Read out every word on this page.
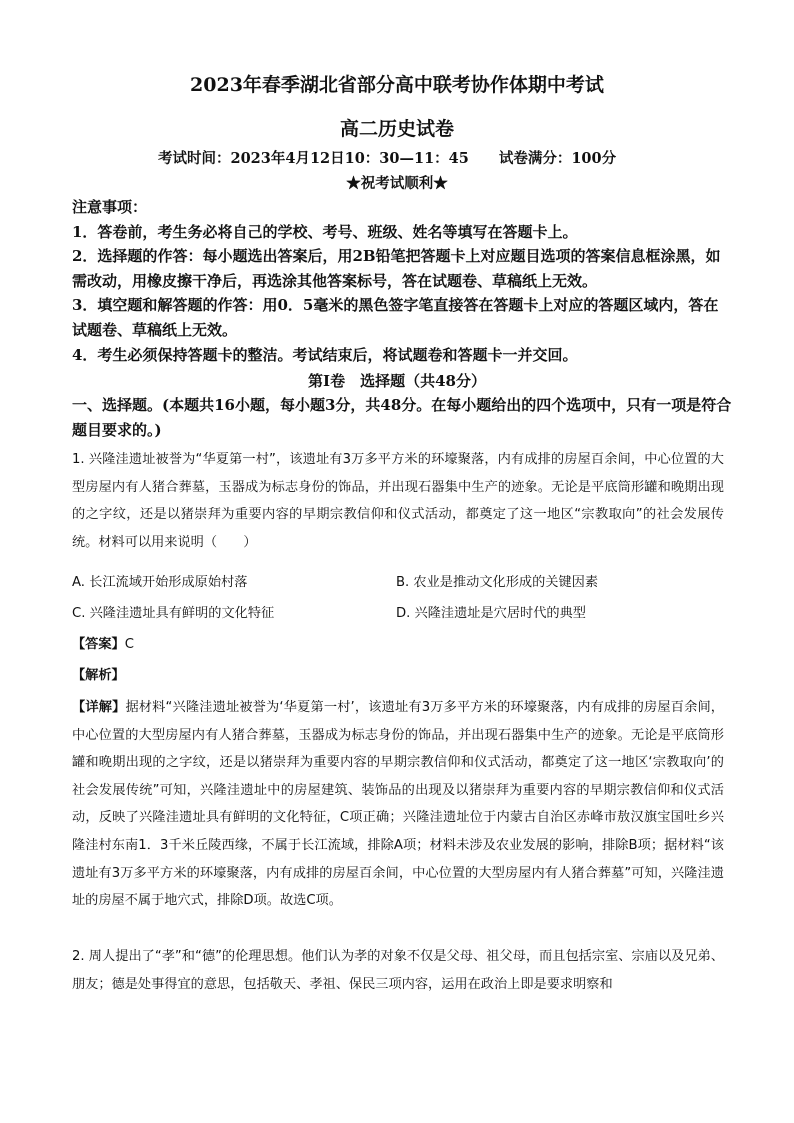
2023年春季湖北省部分高中联考协作体期中考试
高二历史试卷
考试时间：2023年4月12日10：30—11：45 试卷满分：100分
★祝考试顺利★

注意事项：

1．答卷前，考生务必将自己的学校、考号、班级、姓名等填写在答题卡上。

2．选择题的作答：每小题选出答案后，用2B铅笔把答题卡上对应题目选项的答案信息框涂黑，如需改动，用橡皮擦干净后，再选涂其他答案标号，答在试题卷、草稿纸上无效。

3．填空题和解答题的作答：用0．5毫米的黑色签字笔直接答在答题卡上对应的答题区域内，答在试题卷、草稿纸上无效。

4．考生必须保持答题卡的整洁。考试结束后，将试题卷和答题卡一并交回。

第Ⅰ卷　选择题（共48分）
一、选择题。(本题共16小题，每小题3分，共48分。在每小题给出的四个选项中，只有一项是符合题目要求的。)

1. 兴隆洼遗址被誉为“华夏第一村”，该遗址有3万多平方米的环壕聚落，内有成排的房屋百余间，中心位置的大型房屋内有人猪合葬墓，玉器成为标志身份的饰品，并出现石器集中生产的迹象。无论是平底筒形罐和晚期出现的之字纹，还是以猪崇拜为重要内容的早期宗教信仰和仪式活动，都奠定了这一地区“宗教取向”的社会发展传统。材料可以用来说明（　　）

A. 长江流域开始形成原始村落	B. 农业是推动文化形成的关键因素
C. 兴隆洼遗址具有鲜明的文化特征	D. 兴隆洼遗址是穴居时代的典型
【答案】C
【解析】

【详解】据材料“兴隆洼遗址被誉为‘华夏第一村’，该遗址有3万多平方米的环壕聚落，内有成排的房屋百余间，中心位置的大型房屋内有人猪合葬墓，玉器成为标志身份的饰品，并出现石器集中生产的迹象。无论是平底筒形罐和晚期出现的之字纹，还是以猪崇拜为重要内容的早期宗教信仰和仪式活动，都奠定了这一地区‘宗教取向’的社会发展传统”可知，兴隆洼遗址中的房屋建筑、装饰品的出现及以猪崇拜为重要内容的早期宗教信仰和仪式活动，反映了兴隆洼遗址具有鲜明的文化特征，C项正确；兴隆洼遗址位于内蒙古自治区赤峰市敖汉旗宝国吐乡兴隆洼村东南1．3千米丘陵西缘，不属于长江流域，排除A项；材料未涉及农业发展的影响，排除B项；据材料“该遗址有3万多平方米的环壕聚落，内有成排的房屋百余间，中心位置的大型房屋内有人猪合葬墓”可知，兴隆洼遗址的房屋不属于地穴式，排除D项。故选C项。

2. 周人提出了“孝”和“德”的伦理思想。他们认为孝的对象不仅是父母、祖父母，而且包括宗室、宗庙以及兄弟、朋友；德是处事得宜的意思，包括敬天、孝祖、保民三项内容，运用在政治上即是要求明察和
